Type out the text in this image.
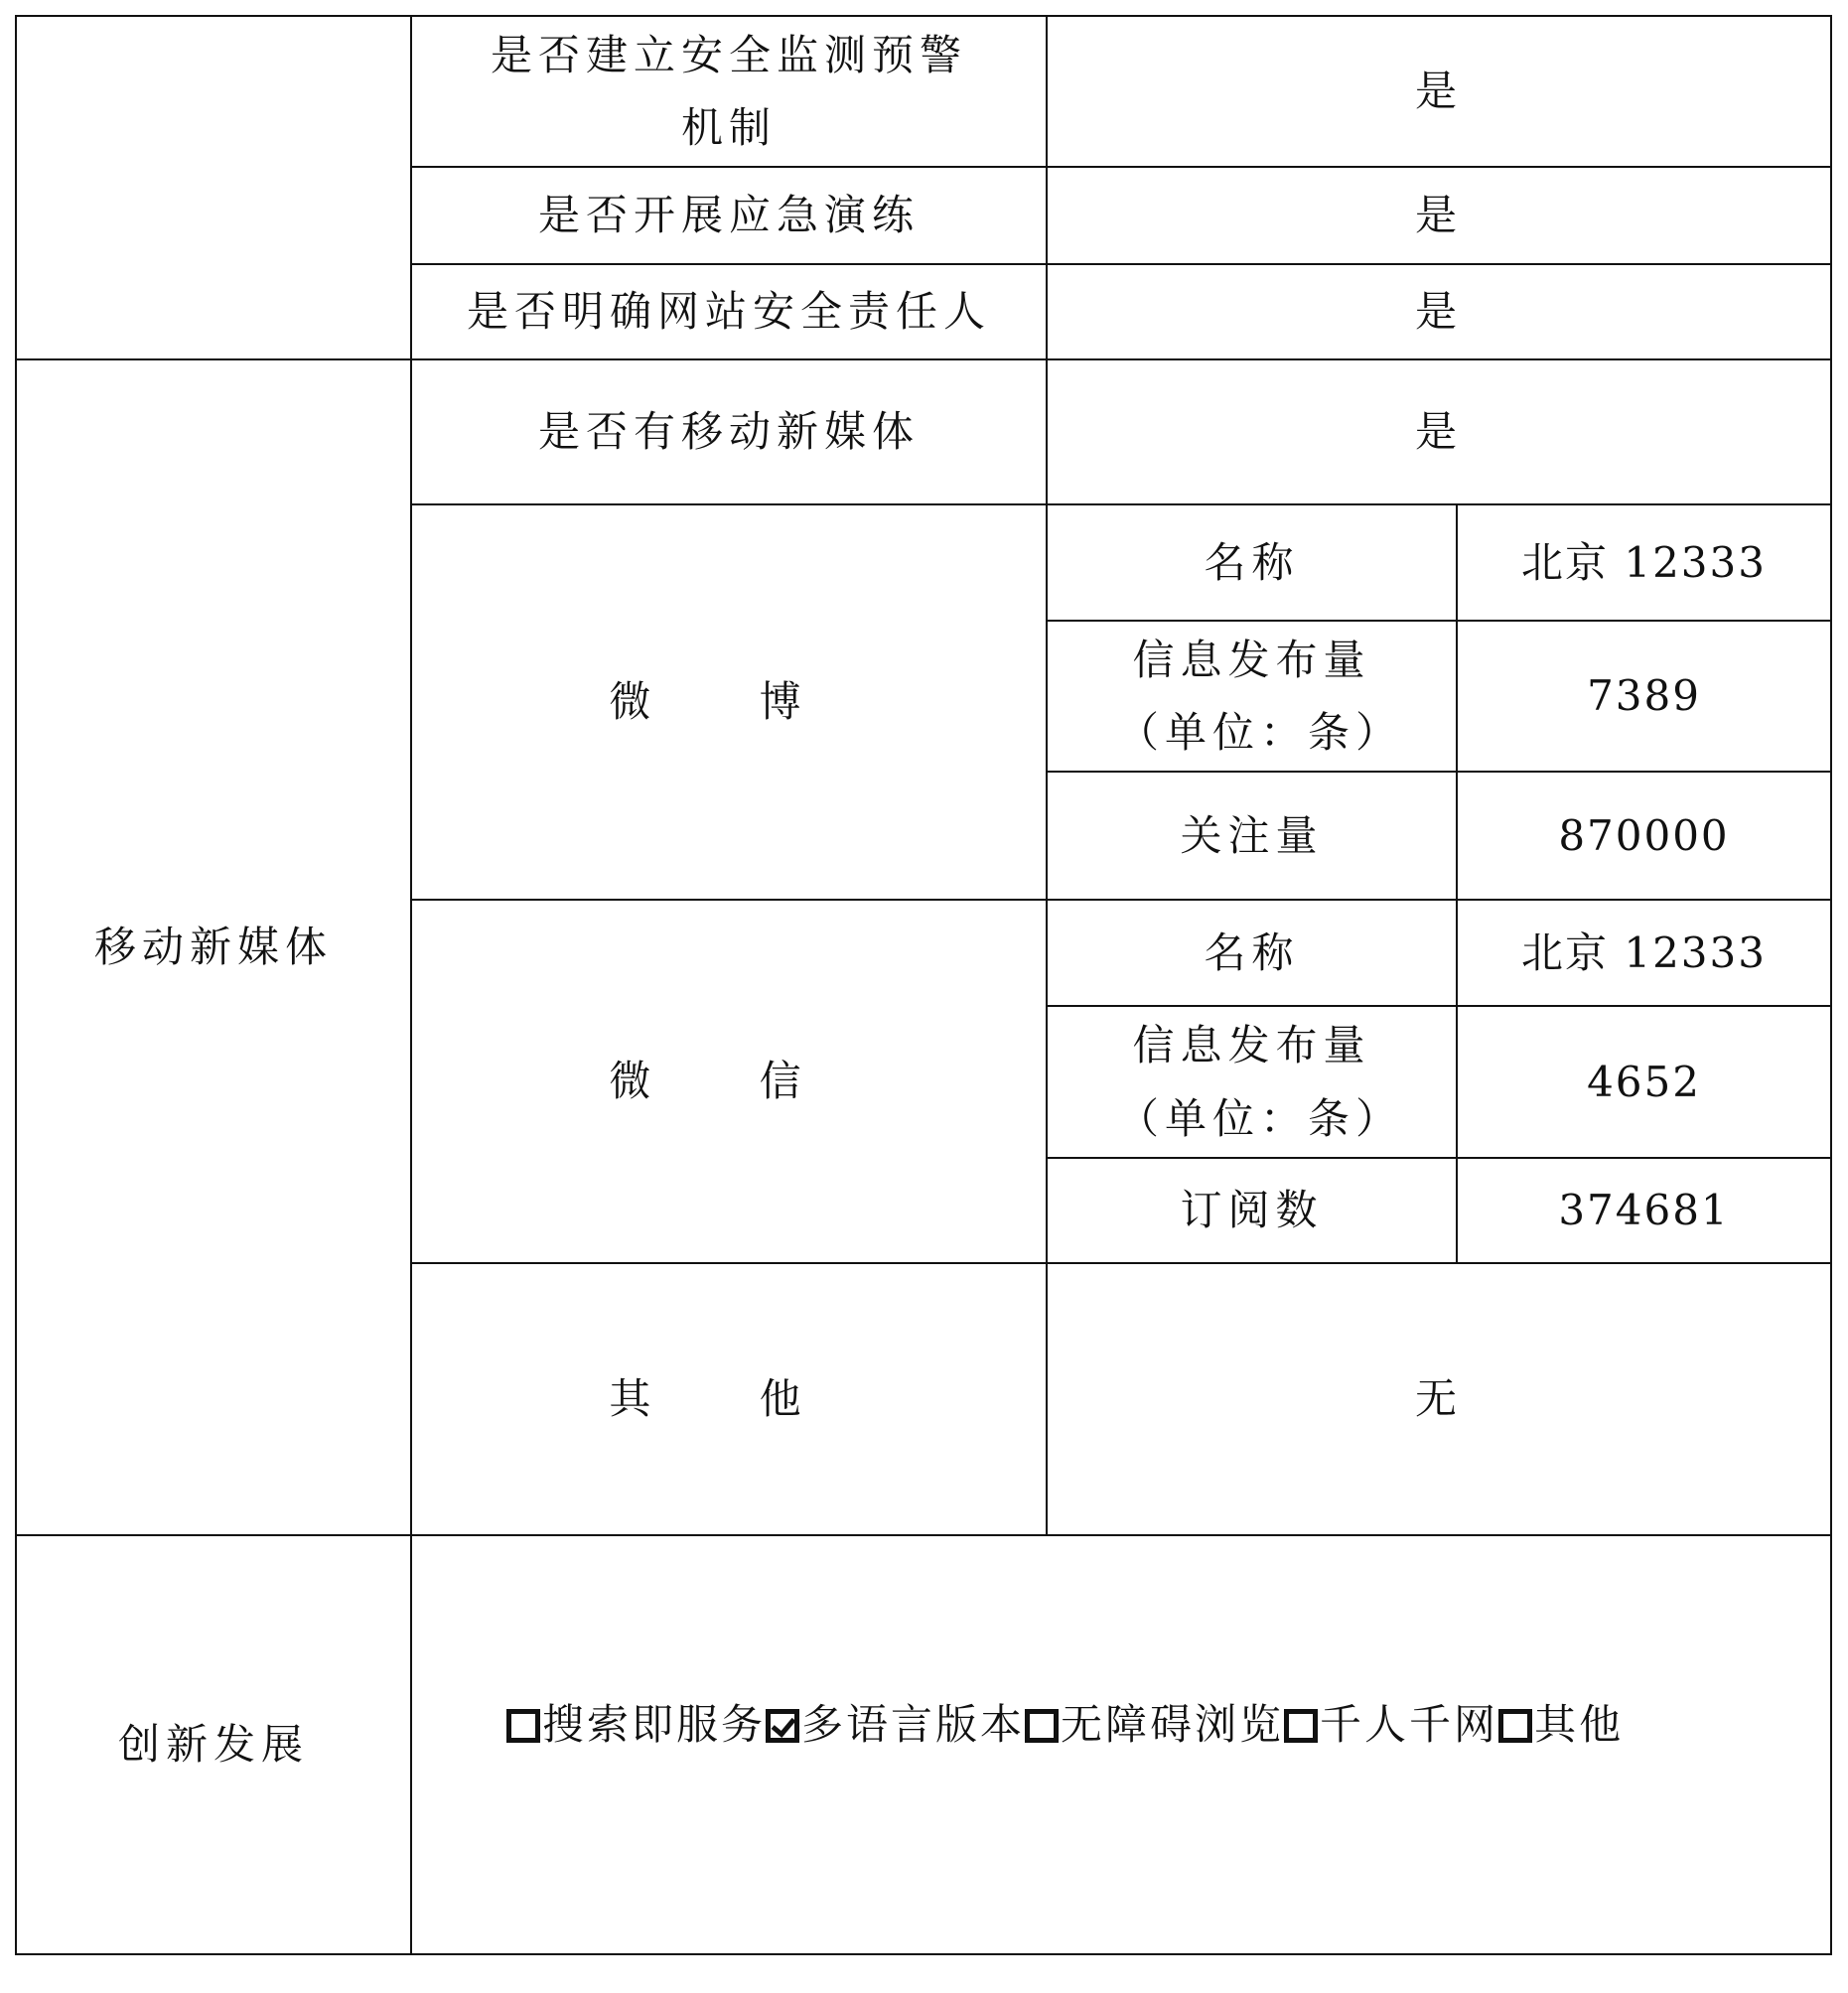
	是否建立安全监测预警机制	是	
	是否开展应急演练	是	
	是否明确网站安全责任人	是	
移动新媒体	是否有移动新媒体	是	
	微 博	名称	北京 12333
		信息发布量（单位：条）	7389
		关注量	870000
	微 信	名称	北京 12333
		信息发布量（单位：条）	4652
		订阅数	374681
	其 他	无	
创新发展	搜索即服务 多语言版本 无障碍浏览 千人千网 其他		
